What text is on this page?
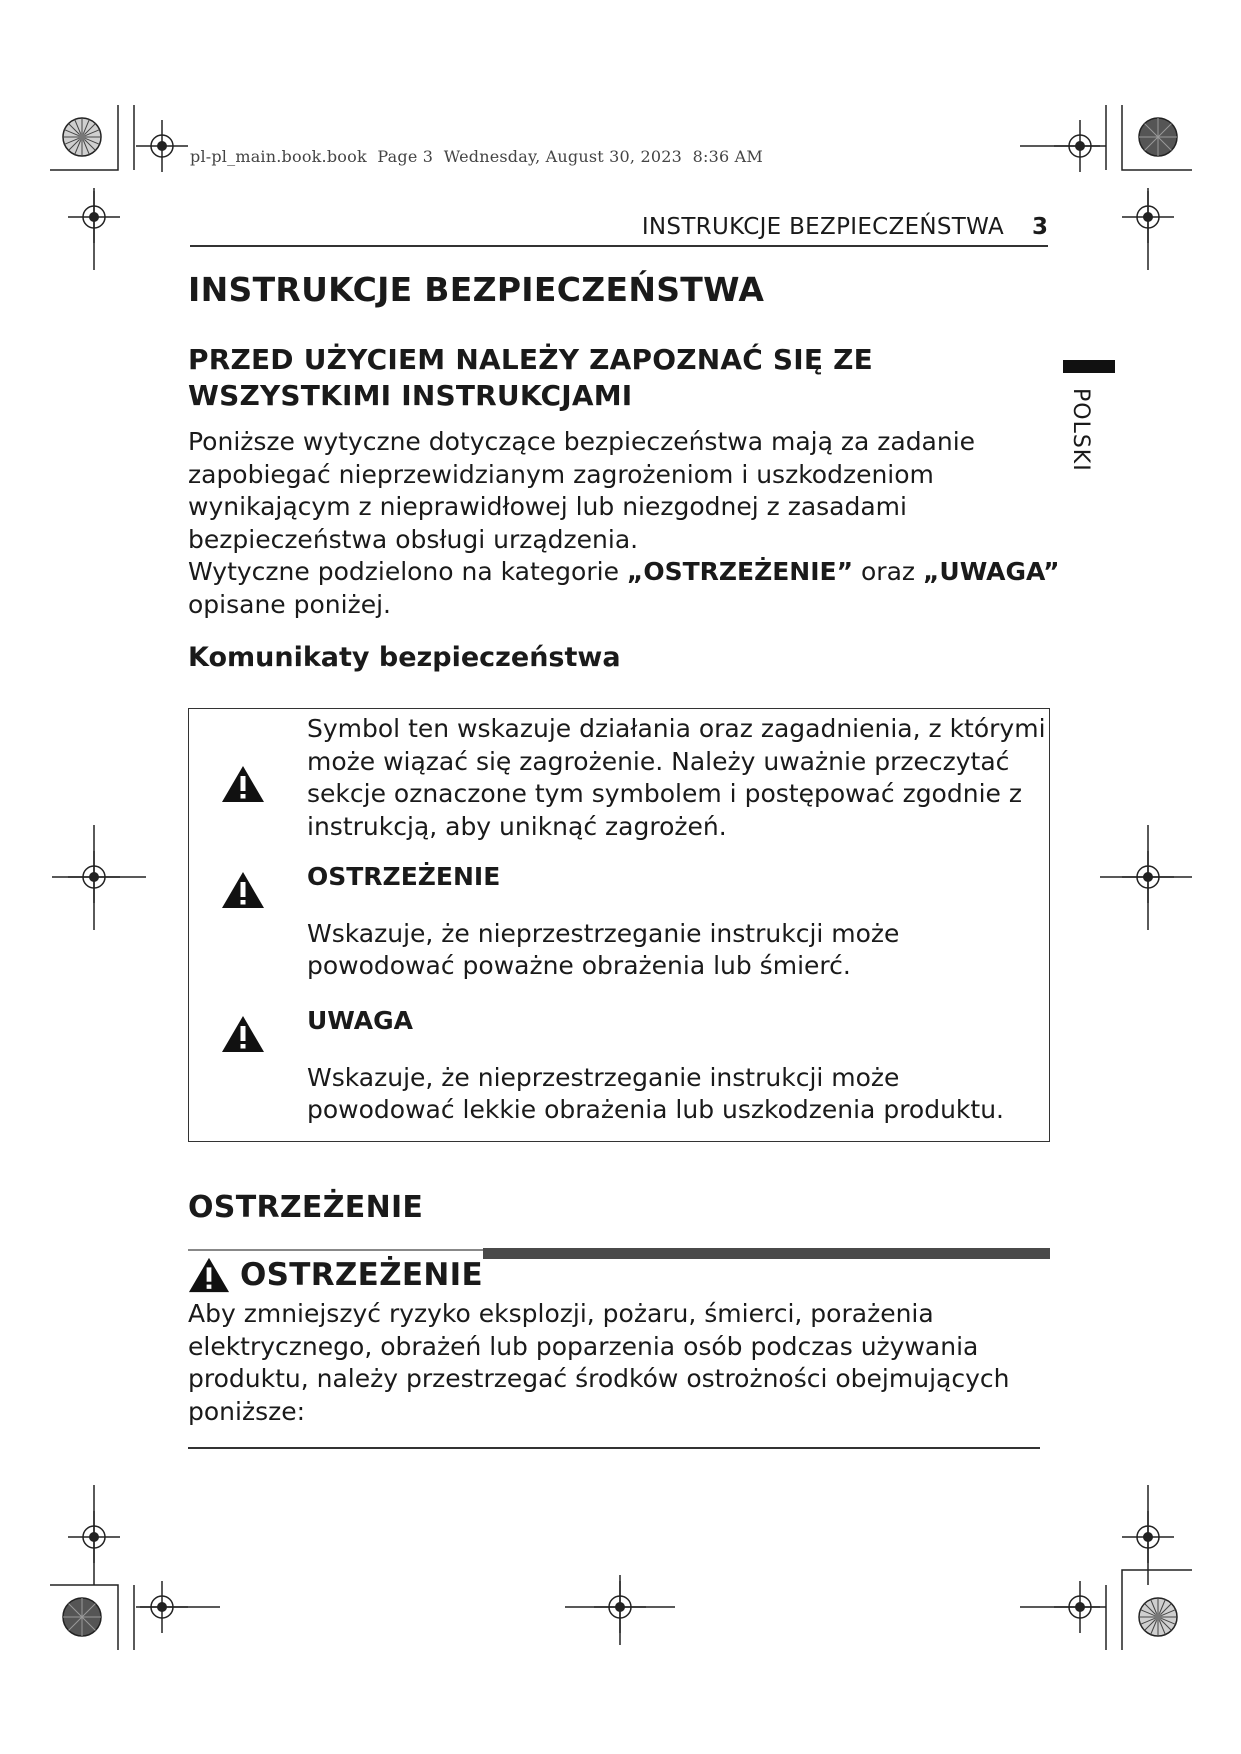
pl-pl_main.book.book  Page 3  Wednesday, August 30, 2023  8:36 AM
INSTRUKCJE BEZPIECZEŃSTWA 3
POLSKI
INSTRUKCJE BEZPIECZEŃSTWA
PRZED UŻYCIEM NALEŻY ZAPOZNAĆ SIĘ ZE WSZYSTKIMI INSTRUKCJAMI

Poniższe wytyczne dotyczące bezpieczeństwa mają za zadanie zapobiegać nieprzewidzianym zagrożeniom i uszkodzeniom wynikającym z nieprawidłowej lub niezgodnej z zasadami bezpieczeństwa obsługi urządzenia.

Wytyczne podzielono na kategorie „OSTRZEŻENIE” oraz „UWAGA”
opisane poniżej.

Komunikaty bezpieczeństwa
Symbol ten wskazuje działania oraz zagadnienia, z którymi może wiązać się zagrożenie. Należy uważnie przeczytać sekcje oznaczone tym symbolem i postępować zgodnie z instrukcją, aby uniknąć zagrożeń.
OSTRZEŻENIE
Wskazuje, że nieprzestrzeganie instrukcji może powodować poważne obrażenia lub śmierć.
UWAGA
Wskazuje, że nieprzestrzeganie instrukcji może powodować lekkie obrażenia lub uszkodzenia produktu.
OSTRZEŻENIE
OSTRZEŻENIE
Aby zmniejszyć ryzyko eksplozji, pożaru, śmierci, porażenia elektrycznego, obrażeń lub poparzenia osób podczas używania produktu, należy przestrzegać środków ostrożności obejmujących poniższe:
